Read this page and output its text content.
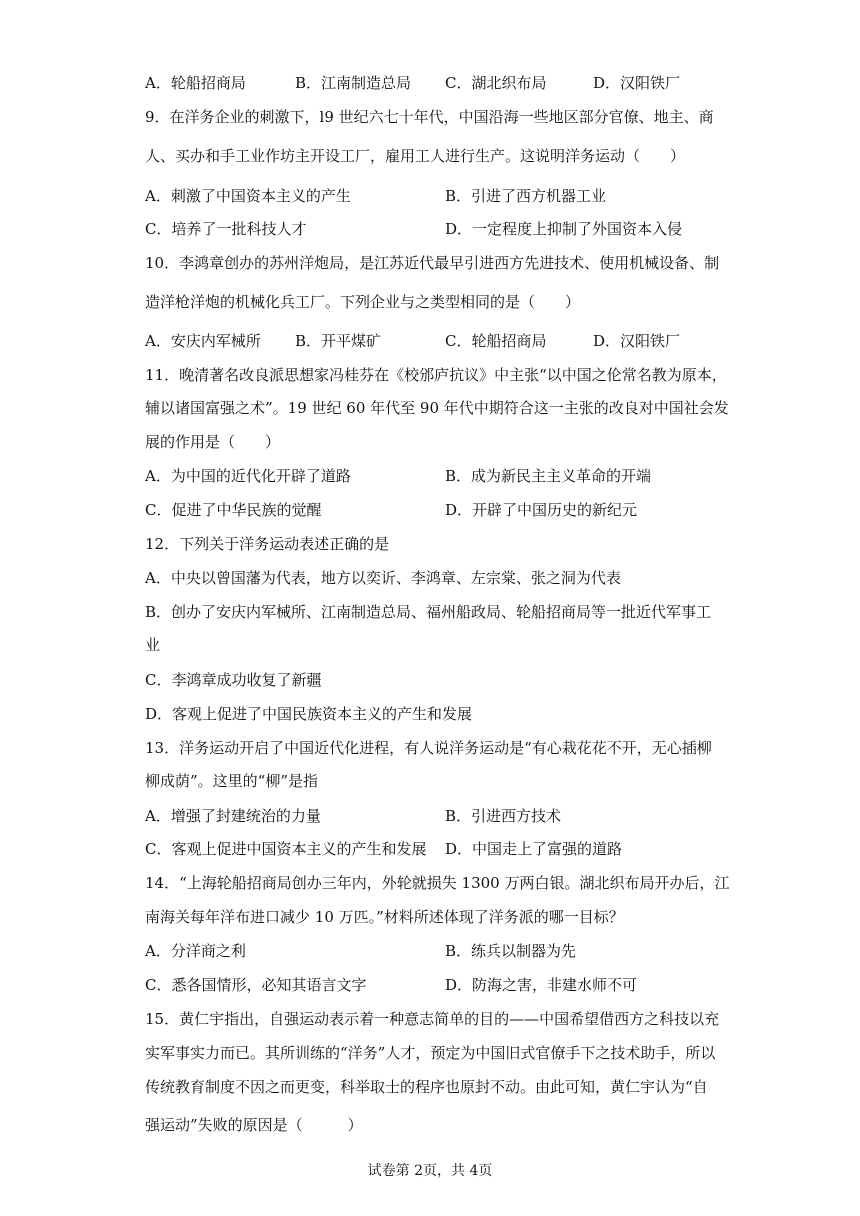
A．轮船招商局	B．江南制造总局 C．湖北织布局	D．汉阳铁厂
9．在洋务企业的刺激下，l9 世纪六七十年代，中国沿海一些地区部分官僚、地主、商
人、买办和手工业作坊主开设工厂，雇用工人进行生产。这说明洋务运动（　　）
A．刺激了中国资本主义的产生	B．引进了西方机器工业
C．培养了一批科技人才	D．一定程度上抑制了外国资本入侵
10．李鸿章创办的苏州洋炮局，是江苏近代最早引进西方先进技术、使用机械设备、制
造洋枪洋炮的机械化兵工厂。下列企业与之类型相同的是（　　）
A．安庆内军械所 B．开平煤矿	C．轮船招商局	D．汉阳铁厂
11．晚清著名改良派思想家冯桂芬在《校邠庐抗议》中主张“以中国之伦常名教为原本，
辅以诸国富强之术”。19 世纪 60 年代至 90 年代中期符合这一主张的改良对中国社会发
展的作用是（　　）
A．为中国的近代化开辟了道路	B．成为新民主主义革命的开端
C．促进了中华民族的觉醒	D．开辟了中国历史的新纪元
12．下列关于洋务运动表述正确的是
A．中央以曾国藩为代表，地方以奕䜣、李鸿章、左宗棠、张之洞为代表
B．创办了安庆内军械所、江南制造总局、福州船政局、轮船招商局等一批近代军事工
业
C．李鸿章成功收复了新疆
D．客观上促进了中国民族资本主义的产生和发展
13．洋务运动开启了中国近代化进程，有人说洋务运动是“有心栽花花不开，无心插柳
柳成荫”。这里的“柳”是指
A．增强了封建统治的力量	B．引进西方技术
C．客观上促进中国资本主义的产生和发展 D．中国走上了富强的道路
14．“上海轮船招商局创办三年内，外轮就损失 1300 万两白银。湖北织布局开办后，江
南海关每年洋布进口减少 10 万匹。”材料所述体现了洋务派的哪一目标？
A．分洋商之利	B．练兵以制器为先
C．悉各国情形，必知其语言文字	D．防海之害，非建水师不可
15．黄仁宇指出，自强运动表示着一种意志简单的目的——中国希望借西方之科技以充
实军事实力而已。其所训练的“洋务”人才，预定为中国旧式官僚手下之技术助手，所以
传统教育制度不因之而更变，科举取士的程序也原封不动。由此可知，黄仁宇认为“自
强运动”失败的原因是（　　　）
试卷第 2页，共 4页
